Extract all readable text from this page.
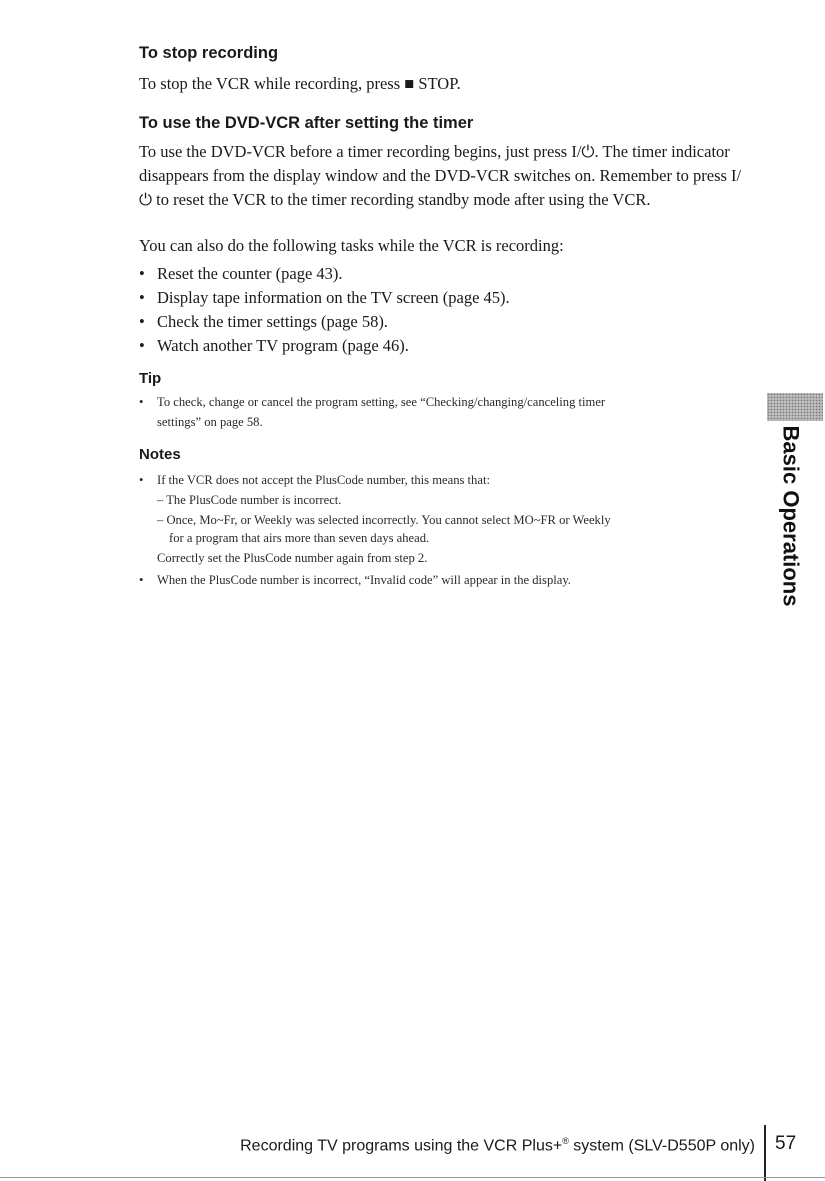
To stop recording

To stop the VCR while recording, press ■ STOP.

To use the DVD-VCR after setting the timer

To use the DVD-VCR before a timer recording begins, just press I/⏻. The timer indicator disappears from the display window and the DVD-VCR switches on. Remember to press I/⏻ to reset the VCR to the timer recording standby mode after using the VCR.

You can also do the following tasks while the VCR is recording:

• Reset the counter (page 43).
• Display tape information on the TV screen (page 45).
• Check the timer settings (page 58).
• Watch another TV program (page 46).
Tip
• To check, change or cancel the program setting, see “Checking/changing/canceling timer
settings” on page 58.
Notes
• If the VCR does not accept the PlusCode number, this means that:
– The PlusCode number is incorrect.
– Once, Mo~Fr, or Weekly was selected incorrectly. You cannot select MO~FR or Weekly
for a program that airs more than seven days ahead.
Correctly set the PlusCode number again from step 2.
• When the PlusCode number is incorrect, “Invalid code” will appear in the display.	Basic Operations
Recording TV programs using the VCR Plus+® system (SLV-D550P only) 57
